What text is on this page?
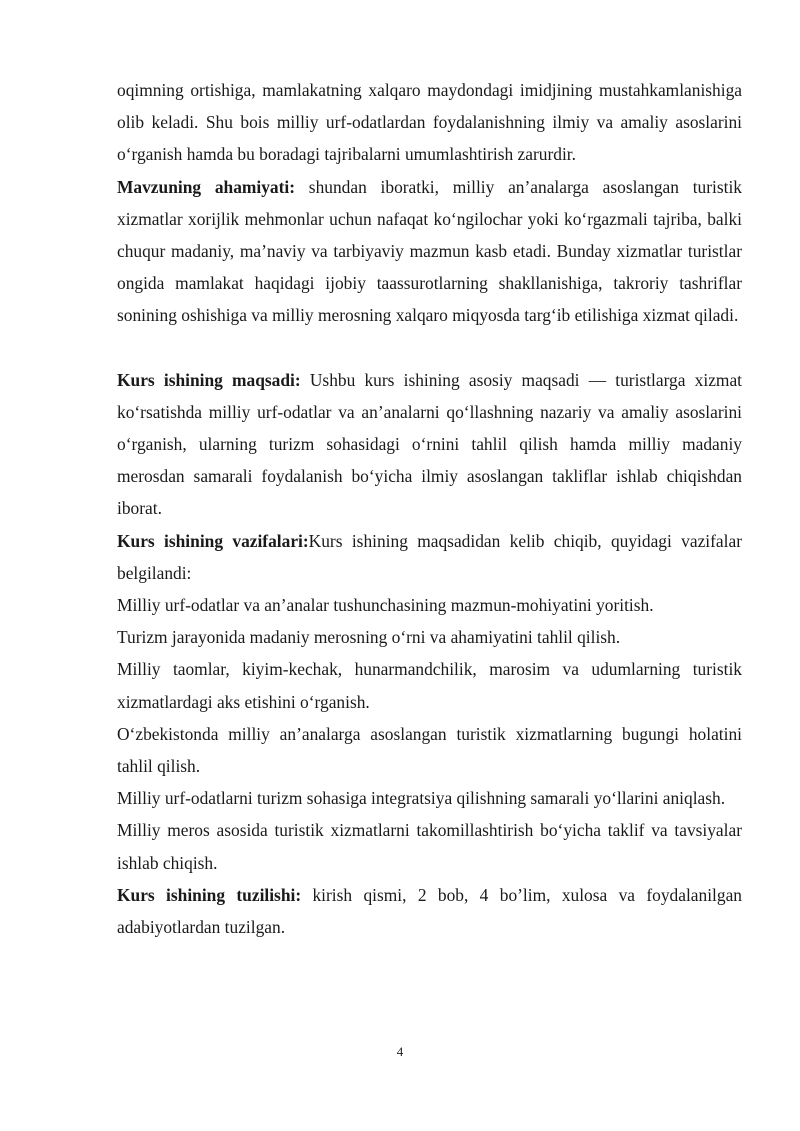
oqimning ortishiga, mamlakatning xalqaro maydondagi imidjining mustahkamlanishiga olib keladi. Shu bois milliy urf-odatlardan foydalanishning ilmiy va amaliy asoslarini o‘rganish hamda bu boradagi tajribalarni umumlashtirish zarurdir.

Mavzuning ahamiyati: shundan iboratki, milliy an’analarga asoslangan turistik xizmatlar xorijlik mehmonlar uchun nafaqat ko‘ngilochar yoki ko‘rgazmali tajriba, balki chuqur madaniy, ma’naviy va tarbiyaviy mazmun kasb etadi. Bunday xizmatlar turistlar ongida mamlakat haqidagi ijobiy taassurotlarning shakllanishiga, takroriy tashriflar sonining oshishiga va milliy merosning xalqaro miqyosda targ‘ib etilishiga xizmat qiladi.

Kurs ishining maqsadi: Ushbu kurs ishining asosiy maqsadi — turistlarga xizmat ko‘rsatishda milliy urf-odatlar va an’analarni qo‘llashning nazariy va amaliy asoslarini o‘rganish, ularning turizm sohasidagi o‘rnini tahlil qilish hamda milliy madaniy merosdan samarali foydalanish bo‘yicha ilmiy asoslangan takliflar ishlab chiqishdan iborat.

Kurs ishining vazifalari:Kurs ishining maqsadidan kelib chiqib, quyidagi vazifalar belgilandi:

Milliy urf-odatlar va an’analar tushunchasining mazmun-mohiyatini yoritish.

Turizm jarayonida madaniy merosning o‘rni va ahamiyatini tahlil qilish.

Milliy taomlar, kiyim-kechak, hunarmandchilik, marosim va udumlarning turistik xizmatlardagi aks etishini o‘rganish.

O‘zbekistonda milliy an’analarga asoslangan turistik xizmatlarning bugungi holatini tahlil qilish.

Milliy urf-odatlarni turizm sohasiga integratsiya qilishning samarali yo‘llarini aniqlash.

Milliy meros asosida turistik xizmatlarni takomillashtirish bo‘yicha taklif va tavsiyalar ishlab chiqish.

Kurs ishining tuzilishi: kirish qismi, 2 bob, 4 bo’lim, xulosa va foydalanilgan adabiyotlardan tuzilgan.

4
